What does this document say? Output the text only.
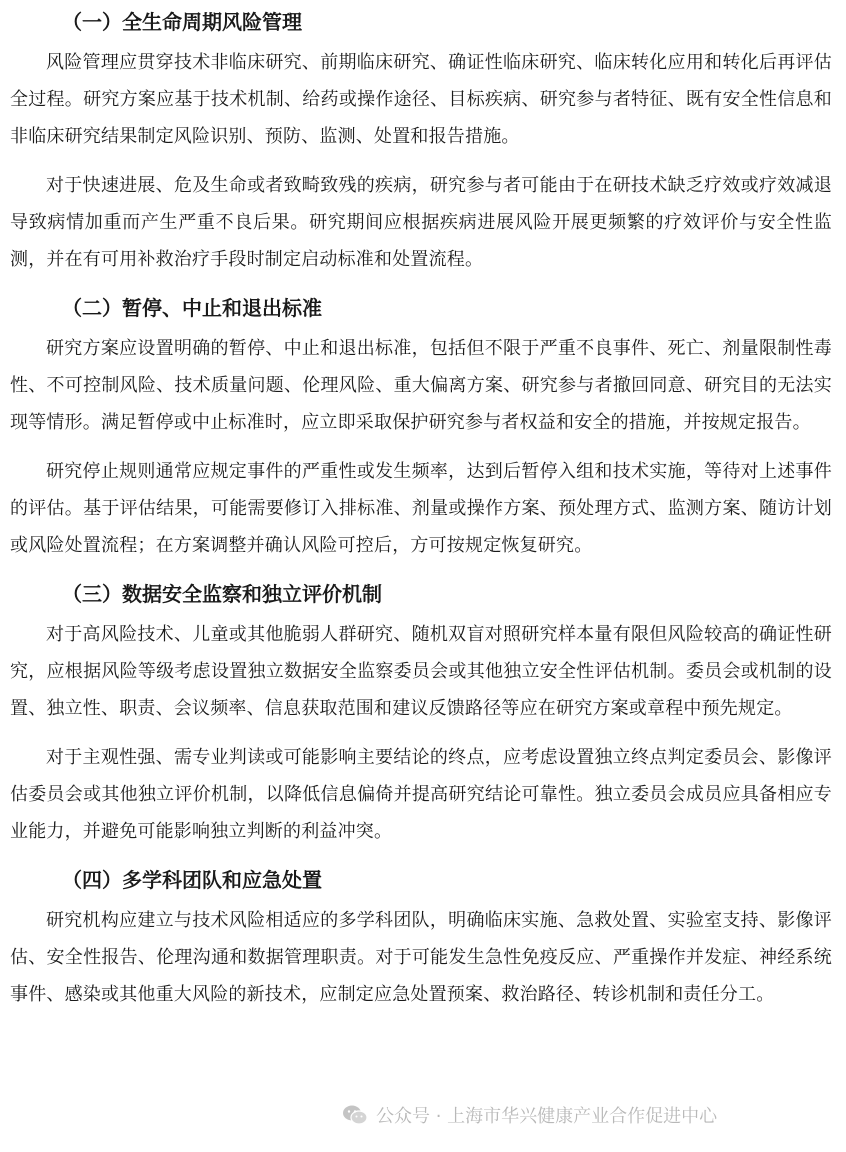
（一）全生命周期风险管理

风险管理应贯穿技术非临床研究、前期临床研究、确证性临床研究、临床转化应用和转化后再评估全过程。研究方案应基于技术机制、给药或操作途径、目标疾病、研究参与者特征、既有安全性信息和非临床研究结果制定风险识别、预防、监测、处置和报告措施。

对于快速进展、危及生命或者致畸致残的疾病，研究参与者可能由于在研技术缺乏疗效或疗效减退导致病情加重而产生严重不良后果。研究期间应根据疾病进展风险开展更频繁的疗效评价与安全性监测，并在有可用补救治疗手段时制定启动标准和处置流程。

（二）暂停、中止和退出标准

研究方案应设置明确的暂停、中止和退出标准，包括但不限于严重不良事件、死亡、剂量限制性毒性、不可控制风险、技术质量问题、伦理风险、重大偏离方案、研究参与者撤回同意、研究目的无法实现等情形。满足暂停或中止标准时，应立即采取保护研究参与者权益和安全的措施，并按规定报告。

研究停止规则通常应规定事件的严重性或发生频率，达到后暂停入组和技术实施，等待对上述事件的评估。基于评估结果，可能需要修订入排标准、剂量或操作方案、预处理方式、监测方案、随访计划或风险处置流程；在方案调整并确认风险可控后，方可按规定恢复研究。

（三）数据安全监察和独立评价机制

对于高风险技术、儿童或其他脆弱人群研究、随机双盲对照研究样本量有限但风险较高的确证性研究，应根据风险等级考虑设置独立数据安全监察委员会或其他独立安全性评估机制。委员会或机制的设置、独立性、职责、会议频率、信息获取范围和建议反馈路径等应在研究方案或章程中预先规定。

对于主观性强、需专业判读或可能影响主要结论的终点，应考虑设置独立终点判定委员会、影像评估委员会或其他独立评价机制，以降低信息偏倚并提高研究结论可靠性。独立委员会成员应具备相应专业能力，并避免可能影响独立判断的利益冲突。

（四）多学科团队和应急处置

研究机构应建立与技术风险相适应的多学科团队，明确临床实施、急救处置、实验室支持、影像评估、安全性报告、伦理沟通和数据管理职责。对于可能发生急性免疫反应、严重操作并发症、神经系统事件、感染或其他重大风险的新技术，应制定应急处置预案、救治路径、转诊机制和责任分工。

公众号 · 上海市华兴健康产业合作促进中心
